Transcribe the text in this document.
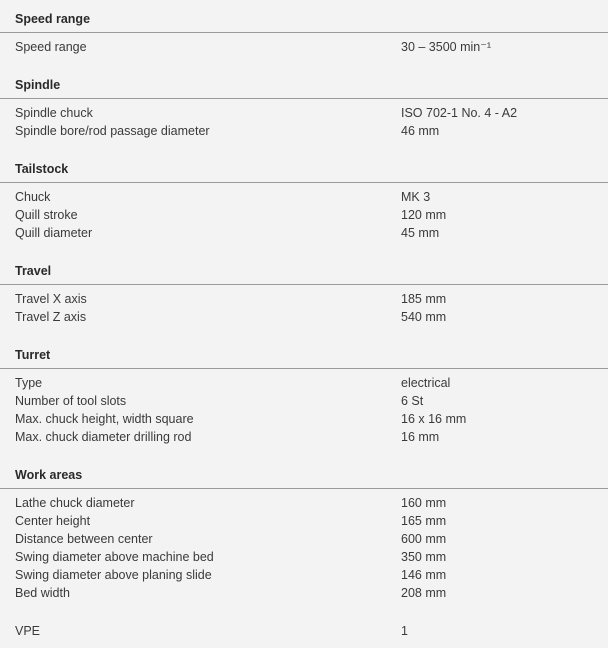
Speed range
Speed range	30 – 3500 min⁻¹
Spindle
Spindle chuck	ISO 702-1 No. 4 - A2
Spindle bore/rod passage diameter	46 mm
Tailstock
Chuck	MK 3
Quill stroke	120 mm
Quill diameter	45 mm
Travel
Travel X axis	185 mm
Travel Z axis	540 mm
Turret
Type	electrical
Number of tool slots	6 St
Max. chuck height, width square	16 x 16 mm
Max. chuck diameter drilling rod	16 mm
Work areas
Lathe chuck diameter	160 mm
Center height	165 mm
Distance between center	600 mm
Swing diameter above machine bed	350 mm
Swing diameter above planing slide	146 mm
Bed width	208 mm
VPE	1
